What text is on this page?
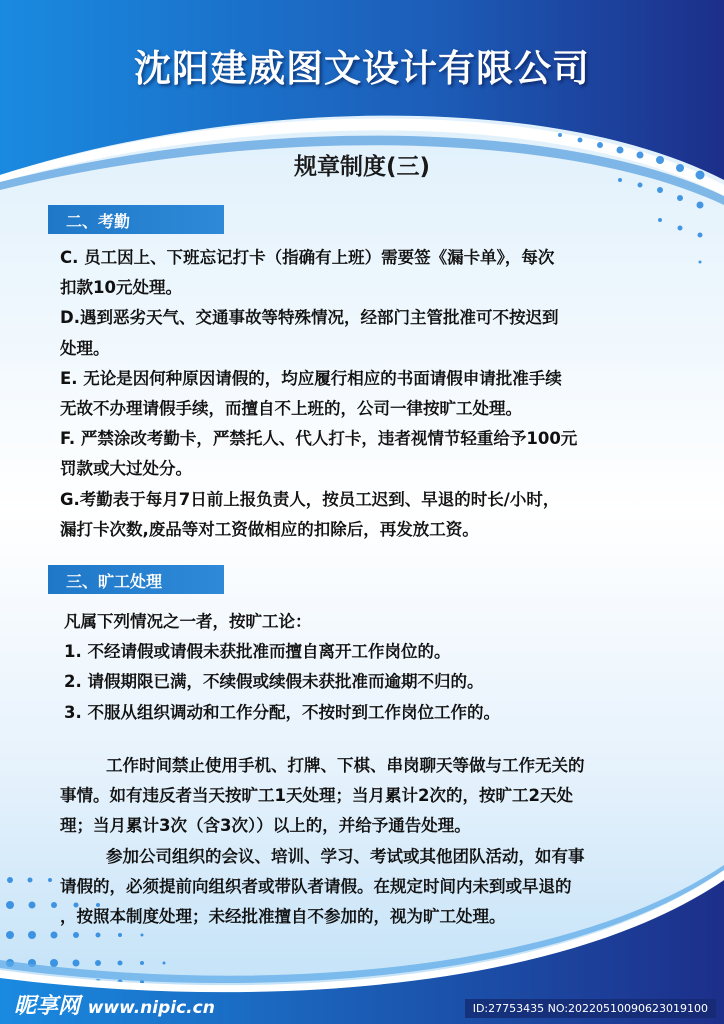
沈阳建威图文设计有限公司
规章制度(三)
二、考勤
C. 员工因上、下班忘记打卡（指确有上班）需要签《漏卡单》，每次
扣款10元处理。
D.遇到恶劣天气、交通事故等特殊情况，经部门主管批准可不按迟到
处理。
E. 无论是因何种原因请假的，均应履行相应的书面请假申请批准手续
无故不办理请假手续，而擅自不上班的，公司一律按旷工处理。
F. 严禁涂改考勤卡，严禁托人、代人打卡，违者视情节轻重给予100元
罚款或大过处分。
G.考勤表于每月7日前上报负责人，按员工迟到、早退的时长/小时，
漏打卡次数,废品等对工资做相应的扣除后，再发放工资。
三、旷工处理
凡属下列情况之一者，按旷工论：
1. 不经请假或请假未获批准而擅自离开工作岗位的。
2. 请假期限已满，不续假或续假未获批准而逾期不归的。
3. 不服从组织调动和工作分配，不按时到工作岗位工作的。
工作时间禁止使用手机、打牌、下棋、串岗聊天等做与工作无关的
事情。如有违反者当天按旷工1天处理；当月累计2次的，按旷工2天处
理；当月累计3次（含3次））以上的，并给予通告处理。
参加公司组织的会议、培训、学习、考试或其他团队活动，如有事
请假的，必须提前向组织者或带队者请假。在规定时间内未到或早退的
，按照本制度处理；未经批准擅自不参加的，视为旷工处理。
昵享网 www.nipic.cn	ID:27753435 NO:20220510090623019100
